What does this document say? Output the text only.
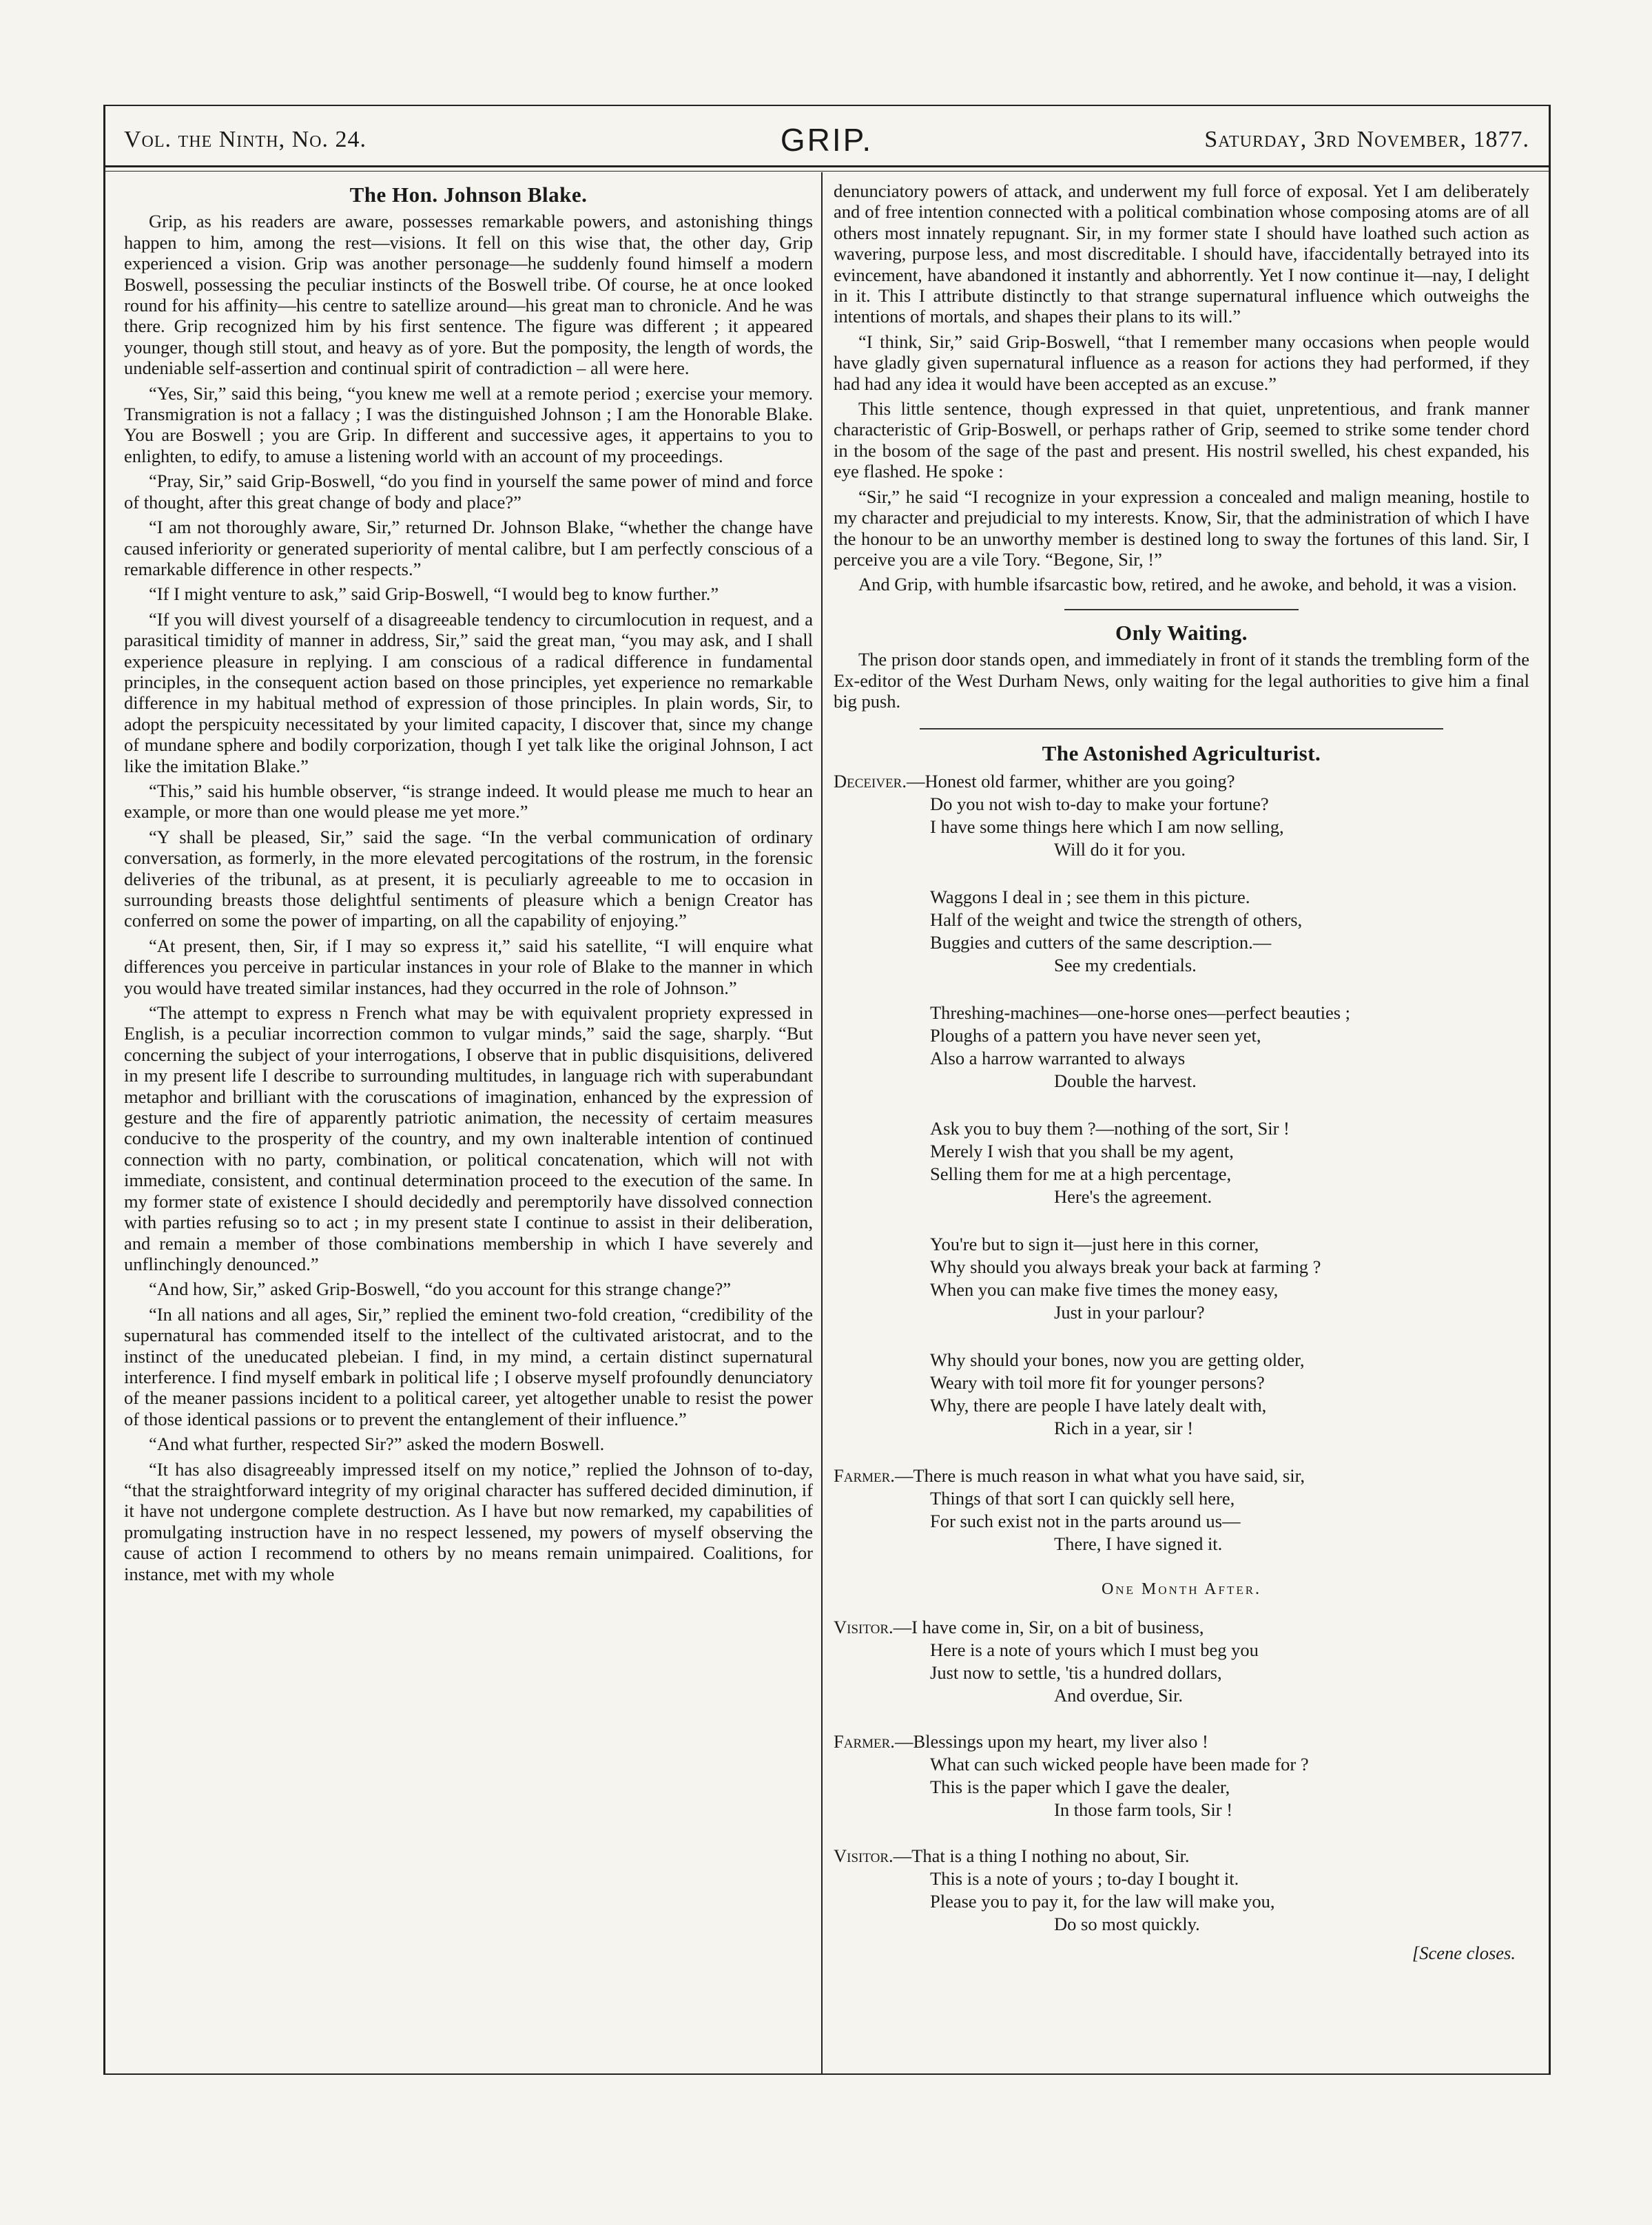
Vol. the Ninth, No. 24.	GRIP.	Saturday, 3rd November, 1877.
The Hon. Johnson Blake.

Grip, as his readers are aware, possesses remarkable powers, and astonishing things happen to him, among the rest—visions. It fell on this wise that, the other day, Grip experienced a vision. Grip was another personage—he suddenly found himself a modern Boswell, possessing the peculiar instincts of the Boswell tribe. Of course, he at once looked round for his affinity—his centre to satellize around—his great man to chronicle. And he was there. Grip recognized him by his first sentence. The figure was different ; it appeared younger, though still stout, and heavy as of yore. But the pomposity, the length of words, the undeniable self-assertion and continual spirit of contradiction – all were here.

“Yes, Sir,” said this being, “you knew me well at a remote period ; exercise your memory. Transmigration is not a fallacy ; I was the distinguished Johnson ; I am the Honorable Blake. You are Boswell ; you are Grip. In different and successive ages, it appertains to you to enlighten, to edify, to amuse a listening world with an account of my proceedings.

“Pray, Sir,” said Grip-Boswell, “do you find in yourself the same power of mind and force of thought, after this great change of body and place?”

“I am not thoroughly aware, Sir,” returned Dr. Johnson Blake, “whether the change have caused inferiority or generated superiority of mental calibre, but I am perfectly conscious of a remarkable difference in other respects.”

“If I might venture to ask,” said Grip-Boswell, “I would beg to know further.”

“If you will divest yourself of a disagreeable tendency to circumlocution in request, and a parasitical timidity of manner in address, Sir,” said the great man, “you may ask, and I shall experience pleasure in replying. I am conscious of a radical difference in fundamental principles, in the consequent action based on those principles, yet experience no remarkable difference in my habitual method of expression of those principles. In plain words, Sir, to adopt the perspicuity necessitated by your limited capacity, I discover that, since my change of mundane sphere and bodily corporization, though I yet talk like the original Johnson, I act like the imitation Blake.”

“This,” said his humble observer, “is strange indeed. It would please me much to hear an example, or more than one would please me yet more.”

“Y shall be pleased, Sir,” said the sage. “In the verbal communication of ordinary conversation, as formerly, in the more elevated percogitations of the rostrum, in the forensic deliveries of the tribunal, as at present, it is peculiarly agreeable to me to occasion in surrounding breasts those delightful sentiments of pleasure which a benign Creator has conferred on some the power of imparting, on all the capability of enjoying.”

“At present, then, Sir, if I may so express it,” said his satellite, “I will enquire what differences you perceive in particular instances in your role of Blake to the manner in which you would have treated similar instances, had they occurred in the role of Johnson.”

“The attempt to express n French what may be with equivalent propriety expressed in English, is a peculiar incorrection common to vulgar minds,” said the sage, sharply. “But concerning the subject of your interrogations, I observe that in public disquisitions, delivered in my present life I describe to surrounding multitudes, in language rich with superabundant metaphor and brilliant with the coruscations of imagination, enhanced by the expression of gesture and the fire of apparently patriotic animation, the necessity of certaim measures conducive to the prosperity of the country, and my own inalterable intention of continued connection with no party, combination, or political concatenation, which will not with immediate, consistent, and continual determination proceed to the execution of the same. In my former state of existence I should decidedly and peremptorily have dissolved connection with parties refusing so to act ; in my present state I continue to assist in their deliberation, and remain a member of those combinations membership in which I have severely and unflinchingly denounced.”

“And how, Sir,” asked Grip-Boswell, “do you account for this strange change?”

“In all nations and all ages, Sir,” replied the eminent two-fold creation, “credibility of the supernatural has commended itself to the intellect of the cultivated aristocrat, and to the instinct of the uneducated plebeian. I find, in my mind, a certain distinct supernatural interference. I find myself embark in political life ; I observe myself profoundly denunciatory of the meaner passions incident to a political career, yet altogether unable to resist the power of those identical passions or to prevent the entanglement of their influence.”

“And what further, respected Sir?” asked the modern Boswell.

“It has also disagreeably impressed itself on my notice,” replied the Johnson of to-day, “that the straightforward integrity of my original character has suffered decided diminution, if it have not undergone complete destruction. As I have but now remarked, my capabilities of promulgating instruction have in no respect lessened, my powers of myself observing the cause of action I recommend to others by no means remain unimpaired. Coalitions, for instance, met with my whole

denunciatory powers of attack, and underwent my full force of exposal. Yet I am deliberately and of free intention connected with a political combination whose composing atoms are of all others most innately repugnant. Sir, in my former state I should have loathed such action as wavering, purpose less, and most discreditable. I should have, ifaccidentally betrayed into its evincement, have abandoned it instantly and abhorrently. Yet I now continue it—nay, I delight in it. This I attribute distinctly to that strange supernatural influence which outweighs the intentions of mortals, and shapes their plans to its will.”

“I think, Sir,” said Grip-Boswell, “that I remember many occasions when people would have gladly given supernatural influence as a reason for actions they had performed, if they had had any idea it would have been accepted as an excuse.”

This little sentence, though expressed in that quiet, unpretentious, and frank manner characteristic of Grip-Boswell, or perhaps rather of Grip, seemed to strike some tender chord in the bosom of the sage of the past and present. His nostril swelled, his chest expanded, his eye flashed. He spoke :

“Sir,” he said “I recognize in your expression a concealed and malign meaning, hostile to my character and prejudicial to my interests. Know, Sir, that the administration of which I have the honour to be an unworthy member is destined long to sway the fortunes of this land. Sir, I perceive you are a vile Tory. “Begone, Sir, !”

And Grip, with humble ifsarcastic bow, retired, and he awoke, and behold, it was a vision.

Only Waiting.

The prison door stands open, and immediately in front of it stands the trembling form of the Ex-editor of the West Durham News, only waiting for the legal authorities to give him a final big push.

The Astonished Agriculturist.
Deceiver.—Honest old farmer, whither are you going?
Do you not wish to-day to make your fortune?
I have some things here which I am now selling,
Will do it for you.
Waggons I deal in ; see them in this picture.
Half of the weight and twice the strength of others,
Buggies and cutters of the same description.—
See my credentials.
Threshing-machines—one-horse ones—perfect beauties ;
Ploughs of a pattern you have never seen yet,
Also a harrow warranted to always
Double the harvest.
Ask you to buy them ?—nothing of the sort, Sir !
Merely I wish that you shall be my agent,
Selling them for me at a high percentage,
Here's the agreement.
You're but to sign it—just here in this corner,
Why should you always break your back at farming ?
When you can make five times the money easy,
Just in your parlour?
Why should your bones, now you are getting older,
Weary with toil more fit for younger persons?
Why, there are people I have lately dealt with,
Rich in a year, sir !
Farmer.—There is much reason in what what you have said, sir,
Things of that sort I can quickly sell here,
For such exist not in the parts around us—
There, I have signed it.
One Month After.
Visitor.—I have come in, Sir, on a bit of business,
Here is a note of yours which I must beg you
Just now to settle, 'tis a hundred dollars,
And overdue, Sir.
Farmer.—Blessings upon my heart, my liver also !
What can such wicked people have been made for ?
This is the paper which I gave the dealer,
In those farm tools, Sir !
Visitor.—That is a thing I nothing no about, Sir.
This is a note of yours ; to-day I bought it.
Please you to pay it, for the law will make you,
Do so most quickly.
[Scene closes.
